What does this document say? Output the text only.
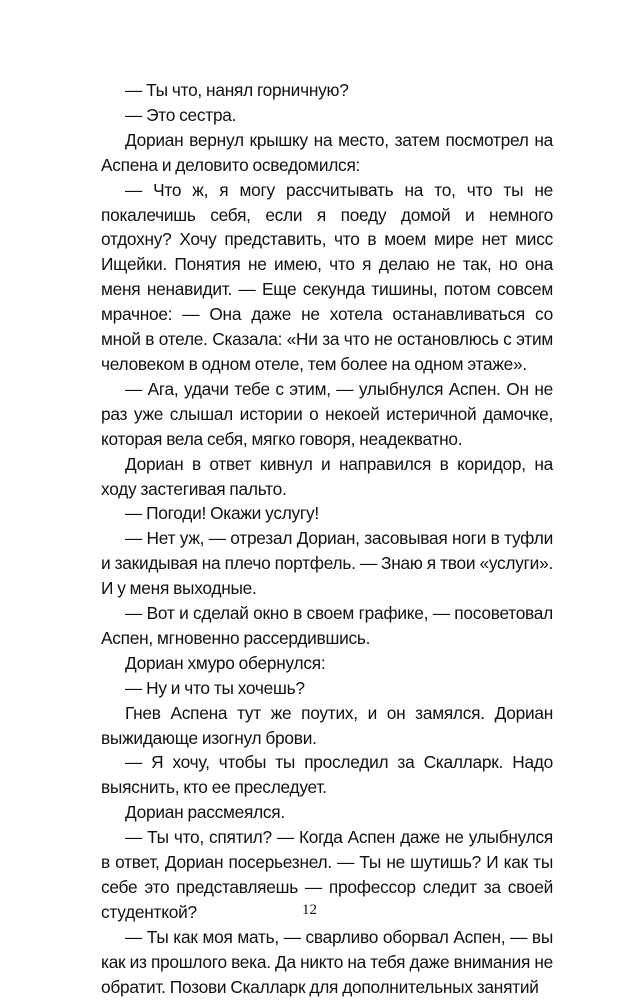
— Ты что, нанял горничную?

— Это сестра.

Дориан вернул крышку на место, затем посмотрел на Аспена и деловито осведомился:

— Что ж, я могу рассчитывать на то, что ты не покалечишь себя, если я поеду домой и немного отдохну? Хочу представить, что в моем мире нет мисс Ищейки. Понятия не имею, что я делаю не так, но она меня ненавидит. — Еще секунда тишины, потом совсем мрачное: — Она даже не хотела останавливаться со мной в отеле. Сказала: «Ни за что не остановлюсь с этим человеком в одном отеле, тем более на одном этаже».

— Ага, удачи тебе с этим, — улыбнулся Аспен. Он не раз уже слышал истории о некоей истеричной дамочке, которая вела себя, мягко говоря, неадекватно.

Дориан в ответ кивнул и направился в коридор, на ходу застегивая пальто.

— Погоди! Окажи услугу!

— Нет уж, — отрезал Дориан, засовывая ноги в туфли и закидывая на плечо портфель. — Знаю я твои «услуги». И у меня выходные.

— Вот и сделай окно в своем графике, — посоветовал Аспен, мгновенно рассердившись.

Дориан хмуро обернулся:

— Ну и что ты хочешь?

Гнев Аспена тут же поутих, и он замялся. Дориан выжидающе изогнул брови.

— Я хочу, чтобы ты проследил за Скалларк. Надо выяснить, кто ее преследует.

Дориан рассмеялся.

— Ты что, спятил? — Когда Аспен даже не улыбнулся в ответ, Дориан посерьезнел. — Ты не шутишь? И как ты себе это представляешь — профессор следит за своей студенткой?

— Ты как моя мать, — сварливо оборвал Аспен, — вы как из прошлого века. Да никто на тебя даже внимания не обратит. Позови Скалларк для дополнительных занятий

12
